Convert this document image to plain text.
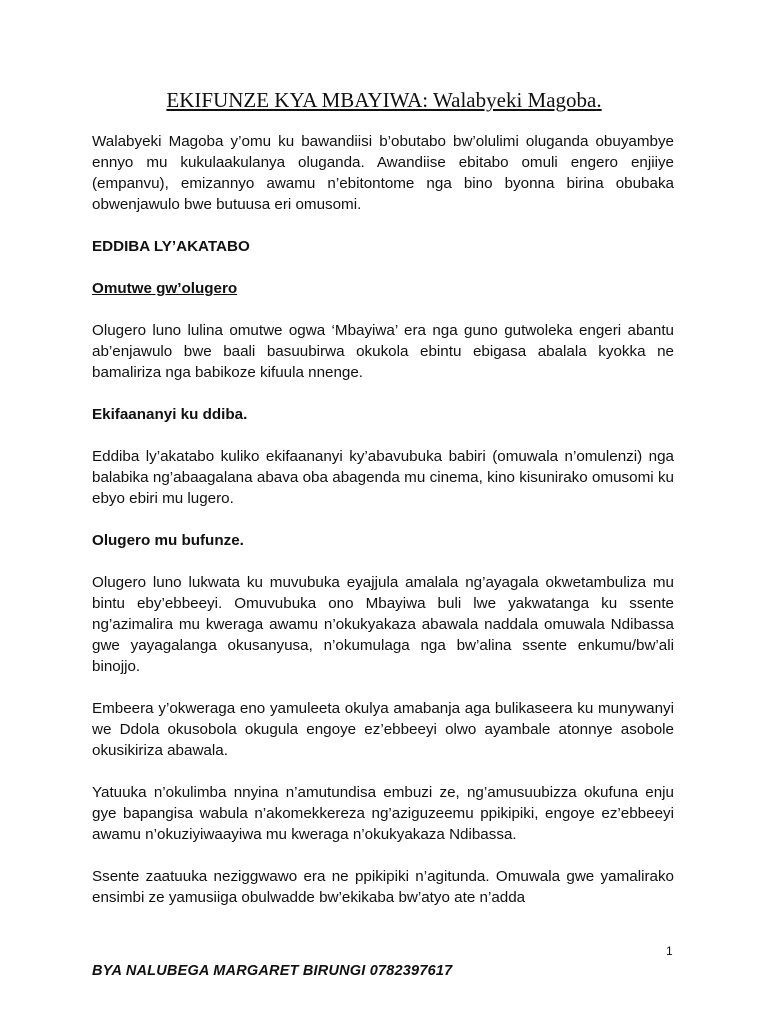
EKIFUNZE KYA MBAYIWA: Walabyeki Magoba.

Walabyeki Magoba y’omu ku bawandiisi b’obutabo bw’olulimi oluganda obuyambye ennyo mu kukulaakulanya oluganda. Awandiise ebitabo omuli engero enjiiye (empanvu), emizannyo awamu n’ebitontome nga bino byonna birina obubaka obwenjawulo bwe butuusa eri omusomi.

EDDIBA LY’AKATABO

Omutwe gw’olugero

Olugero luno lulina omutwe ogwa ‘Mbayiwa’ era nga guno gutwoleka engeri abantu ab’enjawulo bwe baali basuubirwa okukola ebintu ebigasa abalala kyokka ne bamaliriza nga babikoze kifuula nnenge.

Ekifaananyi ku ddiba.

Eddiba ly’akatabo kuliko ekifaananyi ky’abavubuka babiri (omuwala n’omulenzi) nga balabika ng’abaagalana abava oba abagenda mu cinema, kino kisunirako omusomi ku ebyo ebiri mu lugero.

Olugero mu bufunze.

Olugero luno lukwata ku muvubuka eyajjula amalala ng’ayagala okwetambuliza mu bintu eby’ebbeeyi. Omuvubuka ono Mbayiwa buli lwe yakwatanga ku ssente ng’azimalira mu kweraga awamu n’okukyakaza abawala naddala omuwala Ndibassa gwe yayagalanga okusanyusa, n’okumulaga nga bw’alina ssente enkumu/bw’ali binojjo.

Embeera y’okweraga eno yamuleeta okulya amabanja aga bulikaseera ku munywanyi we Ddola okusobola okugula engoye ez’ebbeeyi olwo ayambale atonnye asobole okusikiriza abawala.

Yatuuka n’okulimba nnyina n’amutundisa embuzi ze, ng’amusuubizza okufuna enju gye bapangisa wabula n’akomekkereza ng’aziguzeemu ppikipiki, engoye ez’ebbeeyi awamu n’okuziyiwaayiwa mu kweraga n’okukyakaza Ndibassa.

Ssente zaatuuka neziggwawo era ne ppikipiki n’agitunda. Omuwala gwe yamalirako ensimbi ze yamusiiga obulwadde bw’ekikaba bw’atyo ate n’adda

1
BYA NALUBEGA MARGARET BIRUNGI 0782397617
